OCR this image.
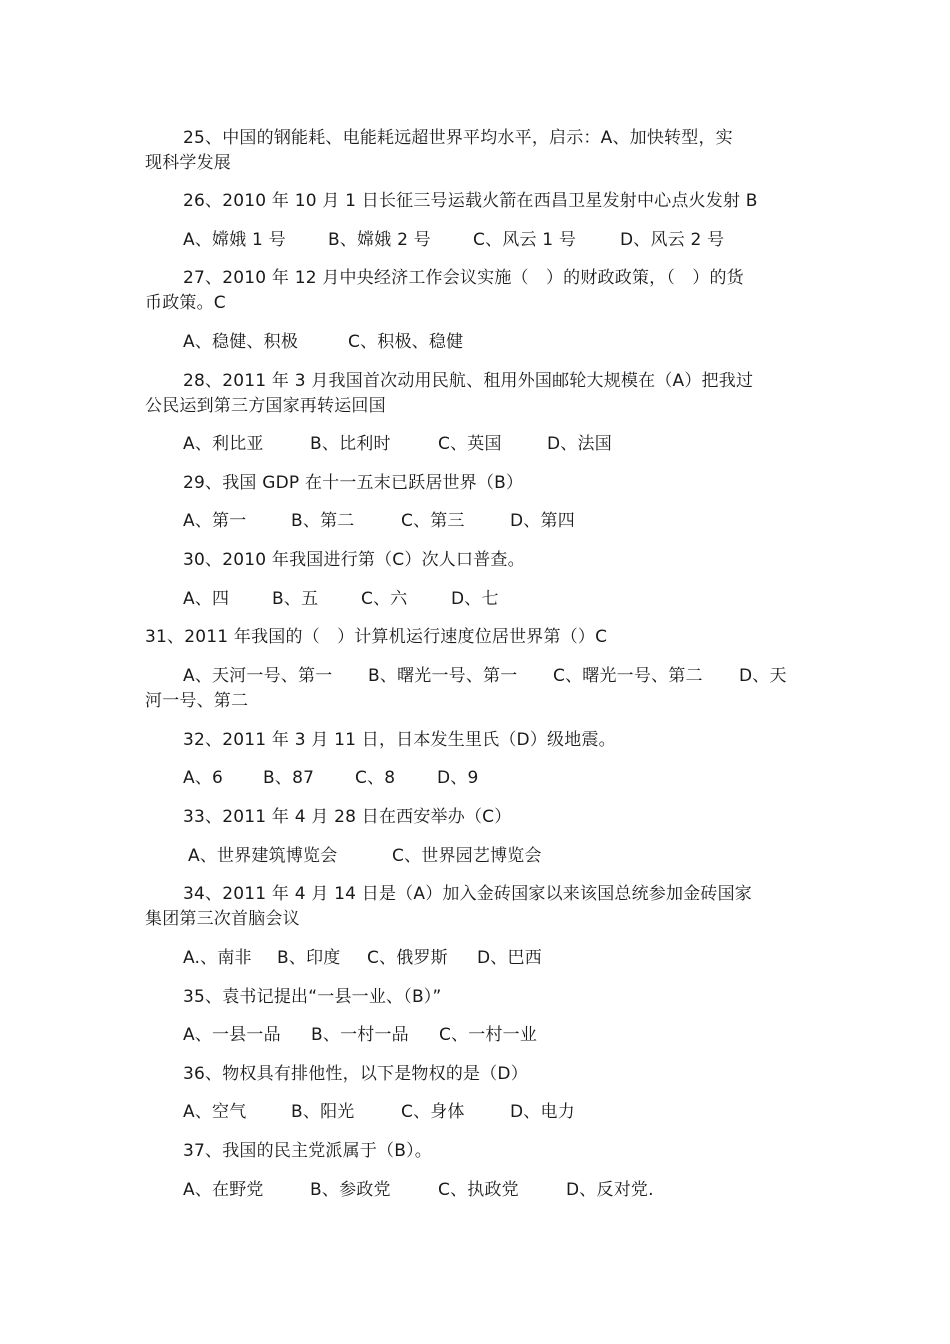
25、中国的钢能耗、电能耗远超世界平均水平，启示：A、加快转型，实
现科学发展
26、2010 年 10 月 1 日长征三号运载火箭在西昌卫星发射中心点火发射 B
A、嫦娥 1 号 B、嫦娥 2 号 C、风云 1 号	D、风云 2 号
27、2010 年 12 月中央经济工作会议实施（　）的财政政策，（　）的货
币政策。C
A、稳健、积极	C、积极、稳健
28、2011 年 3 月我国首次动用民航、租用外国邮轮大规模在（A）把我过
公民运到第三方国家再转运回国
A、利比亚	B、比利时	C、英国	D、法国
29、我国 GDP 在十一五末已跃居世界（B）
A、第一	B、第二	C、第三	D、第四
30、2010 年我国进行第（C）次人口普查。
A、四	B、五	C、六	D、七
31、2011 年我国的（　）计算机运行速度位居世界第（）C
A、天河一号、第一 B、曙光一号、第一 C、曙光一号、第二 D、天
河一号、第二
32、2011 年 3 月 11 日，日本发生里氏（D）级地震。
A、6 B、87 C、8 D、9
33、2011 年 4 月 28 日在西安举办（C）
A、世界建筑博览会	C、世界园艺博览会
34、2011 年 4 月 14 日是（A）加入金砖国家以来该国总统参加金砖国家
集团第三次首脑会议
A.、南非 B、印度 C、俄罗斯 D、巴西
35、袁书记提出“一县一业、（B）”
A、一县一品 B、一村一品 C、一村一业
36、物权具有排他性，以下是物权的是（D）
A、空气	B、阳光	C、身体	D、电力
37、我国的民主党派属于（B）。
A、在野党	B、参政党	C、执政党	D、反对党.
